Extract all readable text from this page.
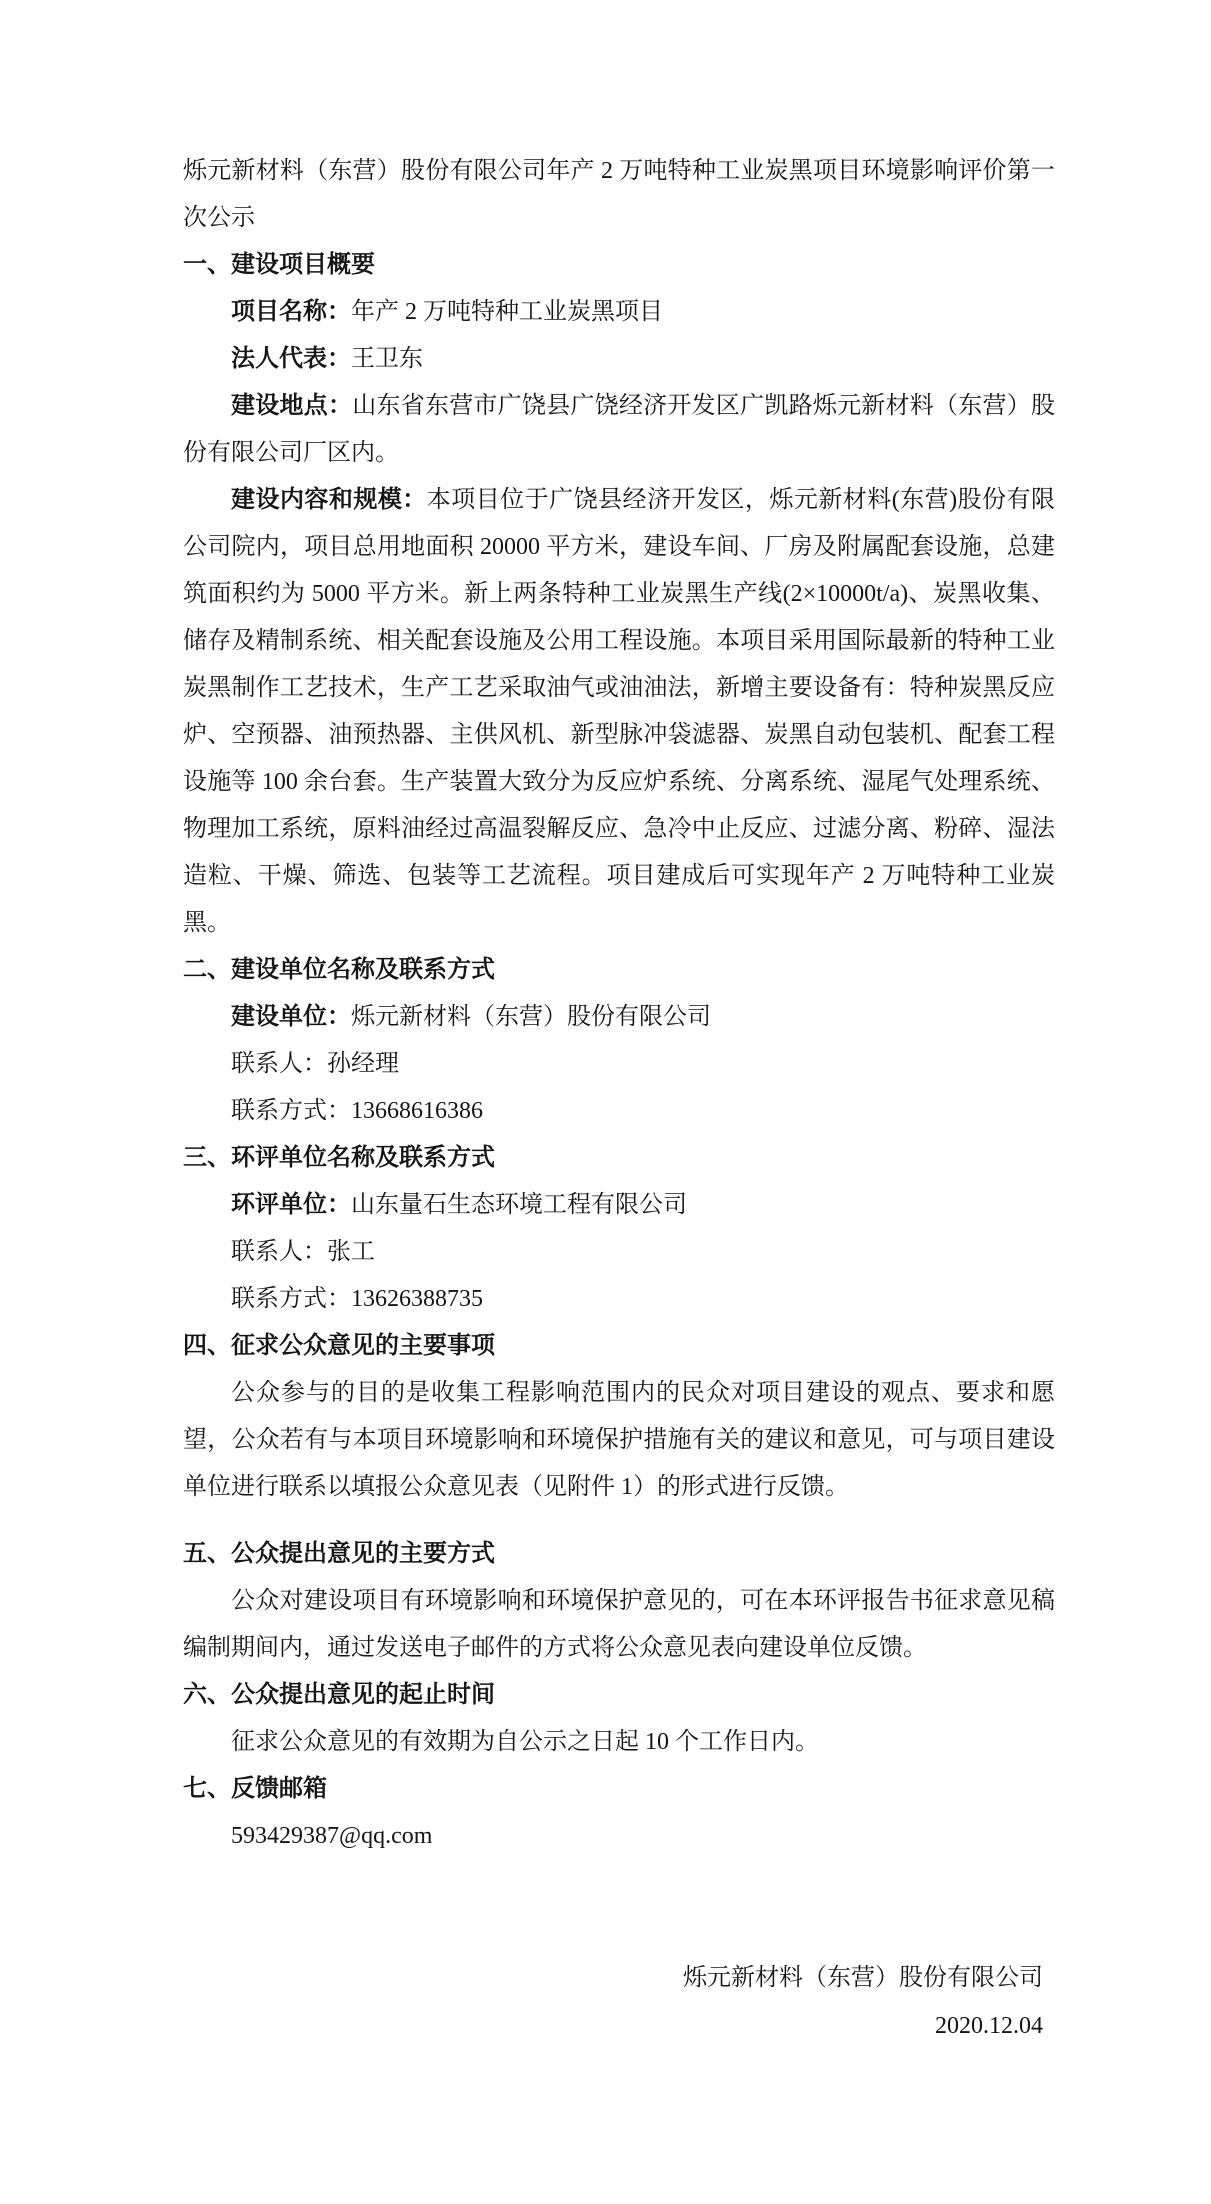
烁元新材料（东营）股份有限公司年产 2 万吨特种工业炭黑项目环境影响评价第一次公示

一、建设项目概要

项目名称：年产 2 万吨特种工业炭黑项目

法人代表：王卫东

建设地点：山东省东营市广饶县广饶经济开发区广凯路烁元新材料（东营）股份有限公司厂区内。

建设内容和规模：本项目位于广饶县经济开发区，烁元新材料(东营)股份有限公司院内，项目总用地面积 20000 平方米，建设车间、厂房及附属配套设施，总建筑面积约为 5000 平方米。新上两条特种工业炭黑生产线(2×10000t/a)、炭黑收集、储存及精制系统、相关配套设施及公用工程设施。本项目采用国际最新的特种工业炭黑制作工艺技术，生产工艺采取油气或油油法，新增主要设备有：特种炭黑反应炉、空预器、油预热器、主供风机、新型脉冲袋滤器、炭黑自动包装机、配套工程设施等 100 余台套。生产装置大致分为反应炉系统、分离系统、湿尾气处理系统、物理加工系统，原料油经过高温裂解反应、急冷中止反应、过滤分离、粉碎、湿法造粒、干燥、筛选、包装等工艺流程。项目建成后可实现年产 2 万吨特种工业炭黑。

二、建设单位名称及联系方式

建设单位：烁元新材料（东营）股份有限公司

联系人：孙经理

联系方式：13668616386

三、环评单位名称及联系方式

环评单位：山东量石生态环境工程有限公司

联系人：张工

联系方式：13626388735

四、征求公众意见的主要事项

公众参与的目的是收集工程影响范围内的民众对项目建设的观点、要求和愿望，公众若有与本项目环境影响和环境保护措施有关的建议和意见，可与项目建设单位进行联系以填报公众意见表（见附件 1）的形式进行反馈。

五、公众提出意见的主要方式

公众对建设项目有环境影响和环境保护意见的，可在本环评报告书征求意见稿编制期间内，通过发送电子邮件的方式将公众意见表向建设单位反馈。

六、公众提出意见的起止时间

征求公众意见的有效期为自公示之日起 10 个工作日内。

七、反馈邮箱

593429387@qq.com

烁元新材料（东营）股份有限公司

2020.12.04
